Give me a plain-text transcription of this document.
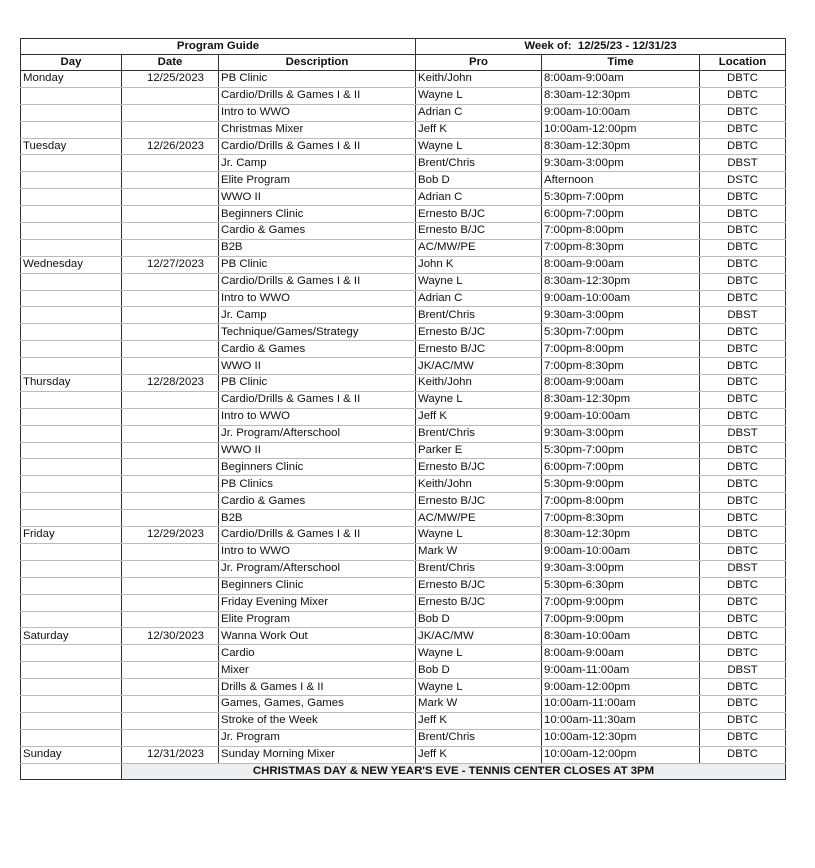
Program Guide			Week of: 12/25/23 - 12/31/23		
Day	Date	Description	Pro	Time	Location
Monday	12/25/2023	PB Clinic	Keith/John	8:00am-9:00am	DBTC
		Cardio/Drills & Games I & II	Wayne L	8:30am-12:30pm	DBTC
		Intro to WWO	Adrian C	9:00am-10:00am	DBTC
		Christmas Mixer	Jeff K	10:00am-12:00pm	DBTC
Tuesday	12/26/2023	Cardio/Drills & Games I & II	Wayne L	8:30am-12:30pm	DBTC
		Jr. Camp	Brent/Chris	9:30am-3:00pm	DBST
		Elite Program	Bob D	Afternoon	DSTC
		WWO II	Adrian C	5:30pm-7:00pm	DBTC
		Beginners Clinic	Ernesto B/JC	6:00pm-7:00pm	DBTC
		Cardio & Games	Ernesto B/JC	7:00pm-8:00pm	DBTC
		B2B	AC/MW/PE	7:00pm-8:30pm	DBTC
Wednesday	12/27/2023	PB Clinic	John K	8:00am-9:00am	DBTC
		Cardio/Drills & Games I & II	Wayne L	8:30am-12:30pm	DBTC
		Intro to WWO	Adrian C	9:00am-10:00am	DBTC
		Jr. Camp	Brent/Chris	9:30am-3:00pm	DBST
		Technique/Games/Strategy	Ernesto B/JC	5:30pm-7:00pm	DBTC
		Cardio & Games	Ernesto B/JC	7:00pm-8:00pm	DBTC
		WWO II	JK/AC/MW	7:00pm-8:30pm	DBTC
Thursday	12/28/2023	PB Clinic	Keith/John	8:00am-9:00am	DBTC
		Cardio/Drills & Games I & II	Wayne L	8:30am-12:30pm	DBTC
		Intro to WWO	Jeff K	9:00am-10:00am	DBTC
		Jr. Program/Afterschool	Brent/Chris	9:30am-3:00pm	DBST
		WWO II	Parker E	5:30pm-7:00pm	DBTC
		Beginners Clinic	Ernesto B/JC	6:00pm-7:00pm	DBTC
		PB Clinics	Keith/John	5:30pm-9:00pm	DBTC
		Cardio & Games	Ernesto B/JC	7:00pm-8:00pm	DBTC
		B2B	AC/MW/PE	7:00pm-8:30pm	DBTC
Friday	12/29/2023	Cardio/Drills & Games I & II	Wayne L	8:30am-12:30pm	DBTC
		Intro to WWO	Mark W	9:00am-10:00am	DBTC
		Jr. Program/Afterschool	Brent/Chris	9:30am-3:00pm	DBST
		Beginners Clinic	Ernesto B/JC	5:30pm-6:30pm	DBTC
		Friday Evening Mixer	Ernesto B/JC	7:00pm-9:00pm	DBTC
		Elite Program	Bob D	7:00pm-9:00pm	DBTC
Saturday	12/30/2023	Wanna Work Out	JK/AC/MW	8:30am-10:00am	DBTC
		Cardio	Wayne L	8:00am-9:00am	DBTC
		Mixer	Bob D	9:00am-11:00am	DBST
		Drills & Games I & II	Wayne L	9:00am-12:00pm	DBTC
		Games, Games, Games	Mark W	10:00am-11:00am	DBTC
		Stroke of the Week	Jeff K	10:00am-11:30am	DBTC
		Jr. Program	Brent/Chris	10:00am-12:30pm	DBTC
Sunday	12/31/2023	Sunday Morning Mixer	Jeff K	10:00am-12:00pm	DBTC
	CHRISTMAS DAY & NEW YEAR'S EVE - TENNIS CENTER CLOSES AT 3PM				
